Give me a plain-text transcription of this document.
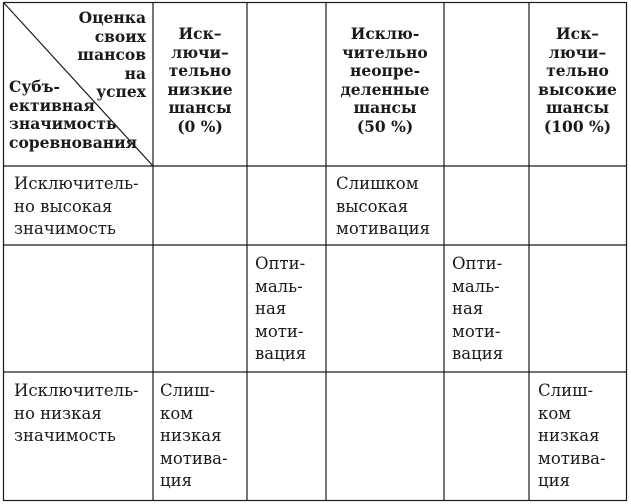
Оценка
своих
шансов
на
успех
Субъ-
ективная
значимость
соревнования
Иск–
лючи–
тельно
низкие
шансы
(0 %)
Исклю-
чительно
неопре-
деленные
шансы
(50 %)
Иск–
лючи–
тельно
высокие
шансы
(100 %)
Исключитель-
но высокая
значимость
Слишком
высокая
мотивация
Опти-
маль-
ная
моти-
вация
Опти-
маль-
ная
моти-
вация
Исключитель-
но низкая
значимость
Слиш-
ком
низкая
мотива-
ция
Слиш-
ком
низкая
мотива-
ция
